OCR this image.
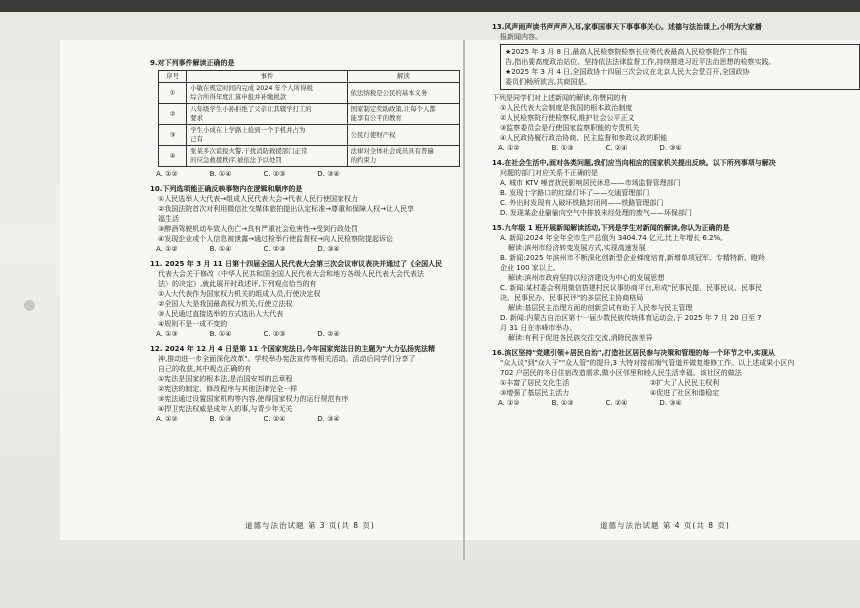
9.对下列事件解读正确的是

序号	事件	解读
①	小敏在规定时间内完成 2024 年个人所得税
综合所得年度汇算申报并补缴税款	依法纳税是公民的基本义务
②	八年级学生小孙拒绝了父亲让其辍学打工的
要求	国家制定奖助政策,让每个人都
能享有公平的教育
③	学生小成在上学路上捡到一个手机并占为
己有	公民行使财产权
④	张某多次谎报火警,干扰消防救援部门正常
的应急救援秩序,被依法予以处罚	法律对全体社会成员具有普遍
的约束力
A. ①②	B. ①④	C. ②③	D. ③④

10.下列选项能正确反映事物内在逻辑和顺序的是

①人民选举人大代表→组成人民代表大会→代表人民行使国家权力

②我国法院首次对利用微信社交媒体旅拍提出认定标准→尊重和保障人权→让人民享

福生活

③醉酒驾驶机动车致人伤亡→具有严重社会危害性→受到行政处罚

④发现企业或个人信息被泄露→通过检举行使监督权→向人民检察院提起诉讼

A. ①②	B. ①④	C. ②③	D. ③④

11. 2025 年 3 月 11 日第十四届全国人民代表大会第三次会议审议表决并通过了《全国人民

代表大会关于修改〈中华人民共和国全国人民代表大会和地方各级人民代表大会代表法

法〉的决定》,就此展开时政述评,下列观点恰当的有

①人大代表作为国家权力机关的组成人员,行使决定权

②全国人大是我国最高权力机关,行使立法权

③人民通过直接选举的方式选出人大代表

④规则不是一成不变的

A. ①③	B. ①④	C. ②③	D. ②④

12. 2024 年 12 月 4 日是第 11 个国家宪法日,今年国家宪法日的主题为"大力弘扬宪法精

神,推动进一步全面深化改革"。学校举办宪法宣传等相关活动。活动后同学们分享了

自己的收获,其中观点正确的有

①宪法是国家的根本法,是治国安邦的总章程

②宪法的制定、修改程序与其他法律完全一样

③宪法通过设置国家机构等内容,使得国家权力的运行规范有序

④捍卫宪法权威是成年人的事,与青少年无关

A. ①②	B. ①③	C. ②④	D. ③④
道德与法治试题 第 3 页(共 8 页)

13.风声雨声读书声声声入耳,家事国事天下事事事关心。述德与法治课上,小明为大家播

报新闻内容。

★2025 年 3 月 8 日,最高人民检察院检察长应勇代表最高人民检察院作工作报

告,指出要高度政治站位、坚持依法法律监督工作,持续推进习近平法治思想的检察实践。

★2025 年 3 月 4 日,全国政协十四届三次会议在北京人民大会堂召开,全国政协

委员们畅所欲言,共商国是。

下列是同学们对上述新闻的解读,你赞同的有

①人民代表大会制度是我国的根本政治制度

②人民检察院行使检察权,维护社会公平正义

③监察委员会是行使国家监察职能的专责机关

④人民政协履行政治协商、民主监督和参政议政的职能

A. ①②	B. ①③	C. ②④	D. ③④

14.在社会生活中,面对各类问题,我们应当向相应的国家机关提出反映。以下所列事项与解决

问题的部门对应关系不正确的是

A. 城市 KTV 噪音扰民影响居民休息——市场监督管理部门

B. 发现十字路口的红绿灯坏了——交通管理部门

C. 外出时发现有人破坏铁路封闭网——铁路管理部门

D. 发现某企业偷偷向空气中排放未经处理的废气——环保部门

15.九年级 1 班开展新闻解读活动,下列是学生对新闻的解读,你认为正确的是

A. 新闻:2024 年全年全市生产总值为 3404.74 亿元,比上年增长 6.2%。

解读:滨州市经济转变发展方式,实现高速发展

B. 新闻:2025 年滨州市不断深化创新型企业梯度培育,新增单项冠军、专精特新、瞪羚

企业 100 家以上。

解读:滨州市政府坚持以经济建设为中心的发展思想

C. 新闻:某村委会利用微信搭建村民议事协商平台,形成"民事民提、民事民议、民事民

决、民事民办、民事民评"的多层民主协商格局

解读:基层民主治理方面的创新尝试有助于人民参与民主管理

D. 新闻:内蒙古自治区第十一届少数民族传统体育运动会,于 2025 年 7 月 20 日至 7

月 31 日在赤峰市举办。

解读:有利于促进各民族交往交流,消除民族差异

16.滨区坚持"党建引领+居民自治",打造社区居民参与决策和管理的每一个环节之中,实现从

"众人议"到"众人干""众人管"的提升,3 大特对接前端气管道并做复维修工作。以上述成果小区内

702 户居民的冬日住宿改造需求,做小区邻里和睦人民生活幸福。该社区的做法

①丰富了居民文化生活	②扩大了人民民主权利
③增强了基层民主活力	④促进了社区和谐稳定
A. ①②	B. ①③	C. ②④	D. ③④
道德与法治试题 第 4 页(共 8 页)
